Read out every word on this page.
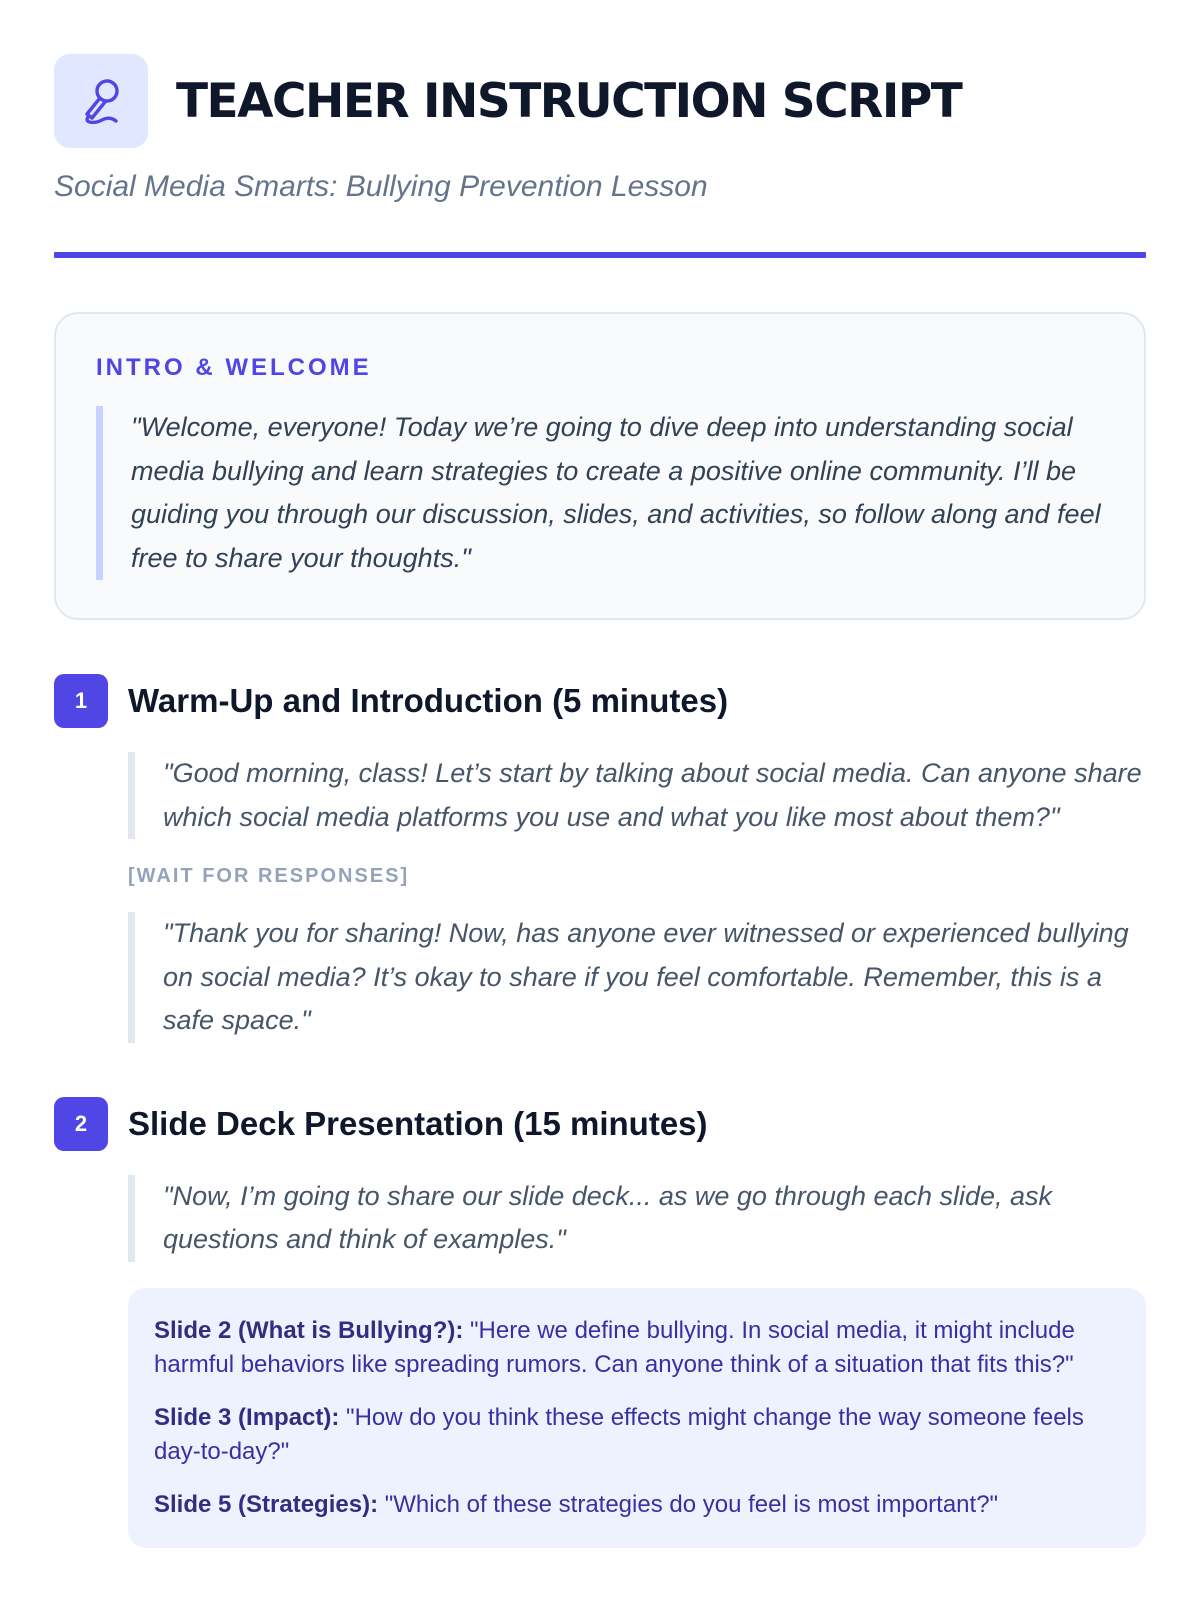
TEACHER INSTRUCTION SCRIPT
Social Media Smarts: Bullying Prevention Lesson
INTRO & WELCOME
"Welcome, everyone! Today we’re going to dive deep into understanding social media bullying and learn strategies to create a positive online community. I’ll be guiding you through our discussion, slides, and activities, so follow along and feel free to share your thoughts."
1	Warm-Up and Introduction (5 minutes)
"Good morning, class! Let’s start by talking about social media. Can anyone share which social media platforms you use and what you like most about them?"
[WAIT FOR RESPONSES]
"Thank you for sharing! Now, has anyone ever witnessed or experienced bullying on social media? It’s okay to share if you feel comfortable. Remember, this is a safe space."
2	Slide Deck Presentation (15 minutes)
"Now, I’m going to share our slide deck... as we go through each slide, ask questions and think of examples."
Slide 2 (What is Bullying?): "Here we define bullying. In social media, it might include harmful behaviors like spreading rumors. Can anyone think of a situation that fits this?"
Slide 3 (Impact): "How do you think these effects might change the way someone feels day-to-day?"
Slide 5 (Strategies): "Which of these strategies do you feel is most important?"
